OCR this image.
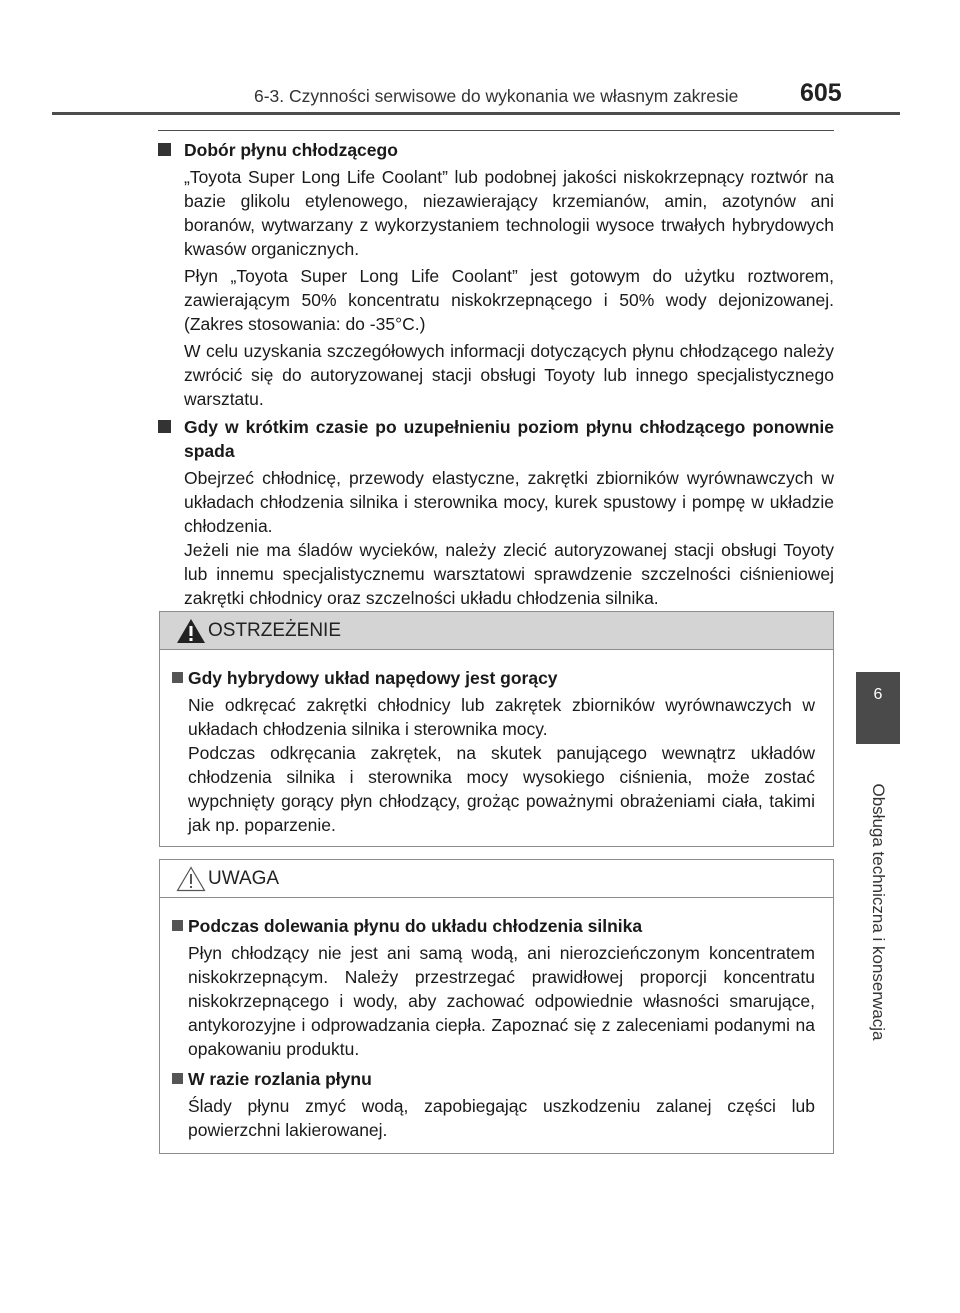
6-3. Czynności serwisowe do wykonania we własnym zakresie	605
6
Obsługa techniczna i konserwacja
Dobór płynu chłodzącego
„Toyota Super Long Life Coolant” lub podobnej jakości niskokrzepnący roztwór na bazie glikolu etylenowego, niezawierający krzemianów, amin, azotynów ani boranów, wytwarzany z wykorzystaniem technologii wysoce trwałych hybrydowych kwasów organicznych.
Płyn „Toyota Super Long Life Coolant” jest gotowym do użytku roztworem, zawierającym 50% koncentratu niskokrzepnącego i 50% wody dejonizowanej. (Zakres stosowania: do -35°C.)
W celu uzyskania szczegółowych informacji dotyczących płynu chłodzącego należy zwrócić się do autoryzowanej stacji obsługi Toyoty lub innego specjalistycznego warsztatu.
Gdy w krótkim czasie po uzupełnieniu poziom płynu chłodzącego ponownie spada
Obejrzeć chłodnicę, przewody elastyczne, zakrętki zbiorników wyrównawczych w układach chłodzenia silnika i sterownika mocy, kurek spustowy i pompę w układzie chłodzenia.
Jeżeli nie ma śladów wycieków, należy zlecić autoryzowanej stacji obsługi Toyoty lub innemu specjalistycznemu warsztatowi sprawdzenie szczelności ciśnieniowej zakrętki chłodnicy oraz szczelności układu chłodzenia silnika.
OSTRZEŻENIE
Gdy hybrydowy układ napędowy jest gorący
Nie odkręcać zakrętki chłodnicy lub zakrętek zbiorników wyrównawczych w układach chłodzenia silnika i sterownika mocy.
Podczas odkręcania zakrętek, na skutek panującego wewnątrz układów chłodzenia silnika i sterownika mocy wysokiego ciśnienia, może zostać wypchnięty gorący płyn chłodzący, grożąc poważnymi obrażeniami ciała, takimi jak np. poparzenie.
UWAGA
Podczas dolewania płynu do układu chłodzenia silnika
Płyn chłodzący nie jest ani samą wodą, ani nierozcieńczonym koncentratem niskokrzepnącym. Należy przestrzegać prawidłowej proporcji koncentratu niskokrzepnącego i wody, aby zachować odpowiednie własności smarujące, antykorozyjne i odprowadzania ciepła. Zapoznać się z zaleceniami podanymi na opakowaniu produktu.
W razie rozlania płynu
Ślady płynu zmyć wodą, zapobiegając uszkodzeniu zalanej części lub powierzchni lakierowanej.
